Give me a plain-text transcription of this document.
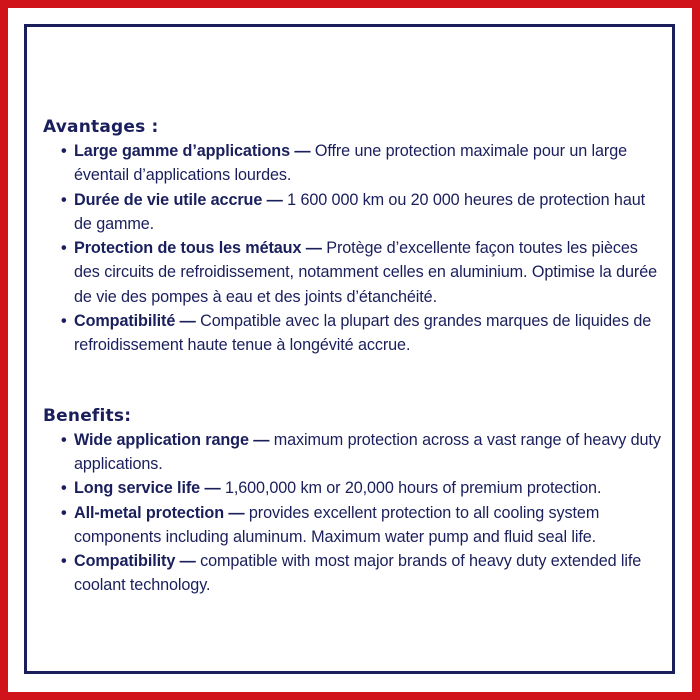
Avantages :
• Large gamme d’applications — Offre une protection maximale pour un large éventail d’applications lourdes.
• Durée de vie utile accrue — 1 600 000 km ou 20 000 heures de protection haut de gamme.
• Protection de tous les métaux — Protège d’excellente façon toutes les pièces des circuits de refroidissement, notamment celles en aluminium. Optimise la durée de vie des pompes à eau et des joints d’étanchéité.
• Compatibilité — Compatible avec la plupart des grandes marques de liquides de refroidissement haute tenue à longévité accrue.
Benefits:
• Wide application range — maximum protection across a vast range of heavy duty applications.
• Long service life — 1,600,000 km or 20,000 hours of premium protection.
• All-metal protection — provides excellent protection to all cooling system components including aluminum. Maximum water pump and fluid seal life.
• Compatibility — compatible with most major brands of heavy duty extended life coolant technology.
